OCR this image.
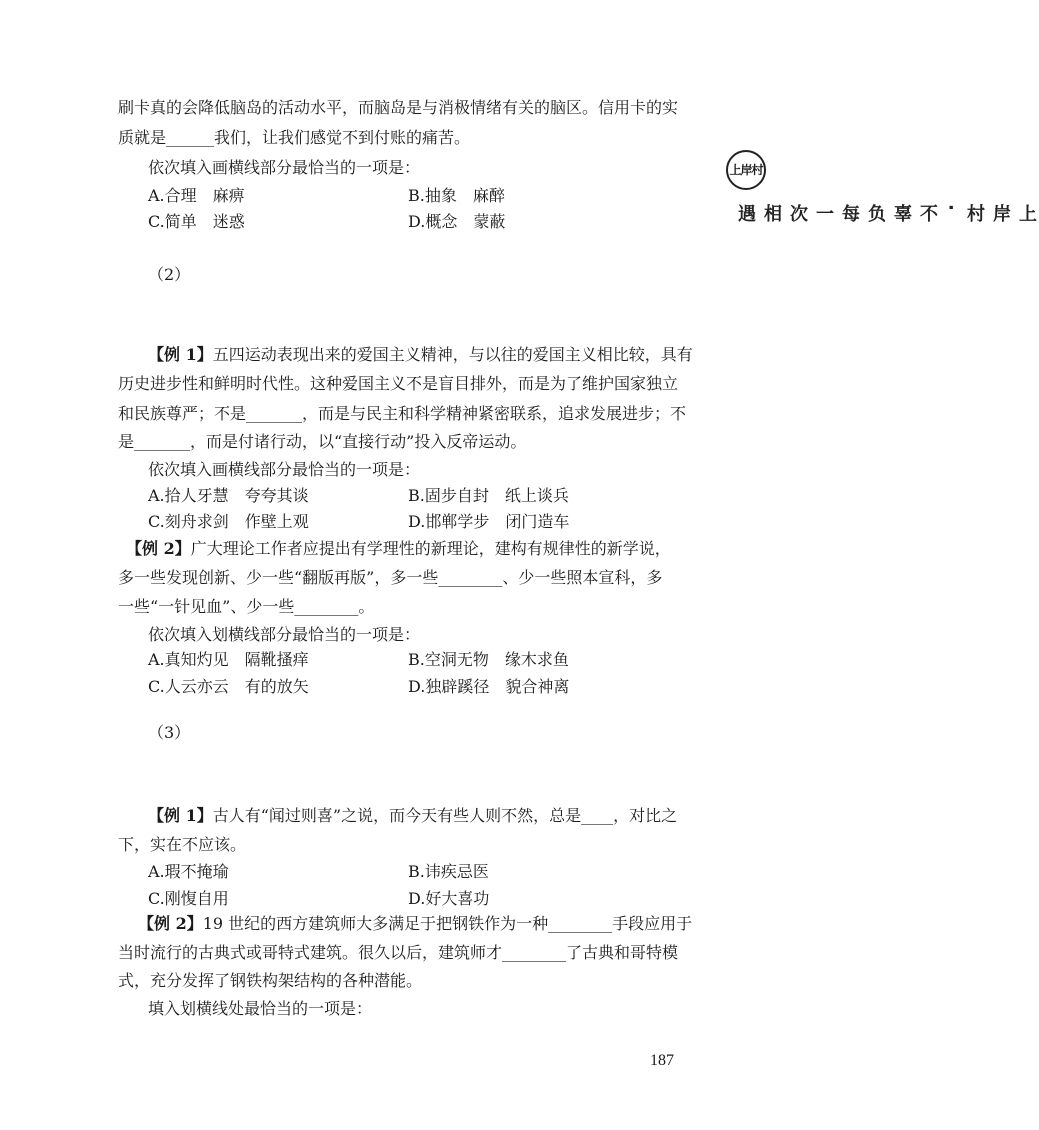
上岸村
上岸村·不辜负每一次相遇
刷卡真的会降低脑岛的活动水平，而脑岛是与消极情绪有关的脑区。信用卡的实
质就是______我们，让我们感觉不到付账的痛苦。
依次填入画横线部分最恰当的一项是：
A.合理　麻痹	B.抽象　麻醉
C.简单　迷惑	D.概念　蒙蔽
（2）
【例 1】五四运动表现出来的爱国主义精神，与以往的爱国主义相比较，具有
历史进步性和鲜明时代性。这种爱国主义不是盲目排外，而是为了维护国家独立
和民族尊严；不是_______，而是与民主和科学精神紧密联系，追求发展进步；不
是_______，而是付诸行动，以“直接行动”投入反帝运动。
依次填入画横线部分最恰当的一项是：
A.拾人牙慧　夸夸其谈	B.固步自封　纸上谈兵
C.刻舟求剑　作壁上观	D.邯郸学步　闭门造车
【例 2】广大理论工作者应提出有学理性的新理论，建构有规律性的新学说，
多一些发现创新、少一些“翻版再版”，多一些________、少一些照本宣科，多
一些“一针见血”、少一些________。
依次填入划横线部分最恰当的一项是：
A.真知灼见　隔靴搔痒	B.空洞无物　缘木求鱼
C.人云亦云　有的放矢	D.独辟蹊径　貌合神离
（3）
【例 1】古人有“闻过则喜”之说，而今天有些人则不然，总是____，对比之
下，实在不应该。
A.瑕不掩瑜	B.讳疾忌医
C.刚愎自用	D.好大喜功
【例 2】19 世纪的西方建筑师大多满足于把钢铁作为一种________手段应用于
当时流行的古典式或哥特式建筑。很久以后，建筑师才________了古典和哥特模
式，充分发挥了钢铁构架结构的各种潜能。
填入划横线处最恰当的一项是：
187
